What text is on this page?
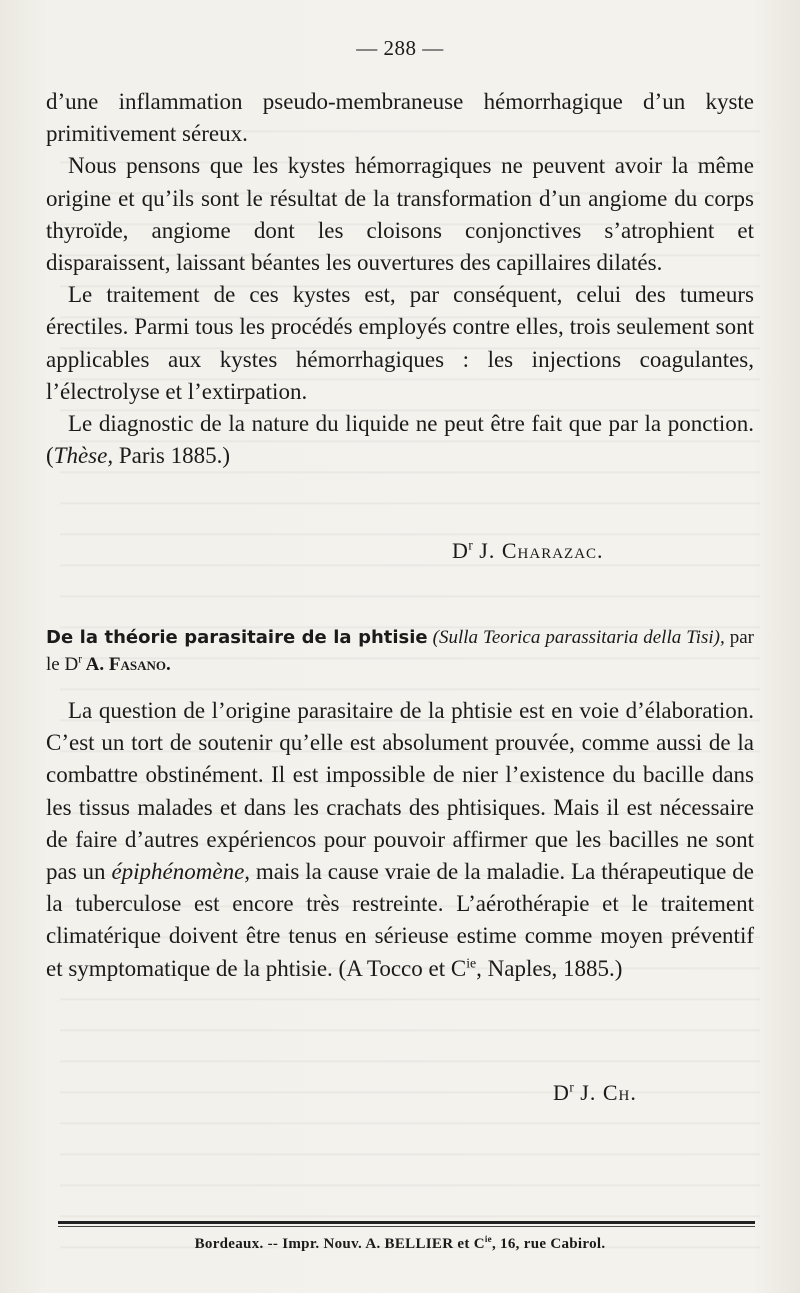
— 288 —

d’une inflammation pseudo-membraneuse hémorrhagique d’un kyste primitivement séreux.

Nous pensons que les kystes hémorragiques ne peuvent avoir la même origine et qu’ils sont le résultat de la transformation d’un angiome du corps thyroïde, angiome dont les cloisons conjonctives s’atrophient et disparaissent, laissant béantes les ouvertures des capillaires dilatés.

Le traitement de ces kystes est, par conséquent, celui des tumeurs érectiles. Parmi tous les procédés employés contre elles, trois seulement sont applicables aux kystes hémorrhagiques : les injections coagulantes, l’électrolyse et l’extirpation.

Le diagnostic de la nature du liquide ne peut être fait que par la ponction. (Thèse, Paris 1885.)

$D^r$ J. Charazac.
De la théorie parasitaire de la phtisie (Sulla Teorica parassitaria della Tisi), par le $D^r$ A. Fasano.

La question de l’origine parasitaire de la phtisie est en voie d’élaboration. C’est un tort de soutenir qu’elle est absolument prouvée, comme aussi de la combattre obstinément. Il est impossible de nier l’existence du bacille dans les tissus malades et dans les crachats des phtisiques. Mais il est nécessaire de faire d’autres expériencos pour pouvoir affirmer que les bacilles ne sont pas un épiphénomène, mais la cause vraie de la maladie. La thérapeutique de la tuberculose est encore très restreinte. L’aérothérapie et le traitement climatérique doivent être tenus en sérieuse estime comme moyen préventif et symptomatique de la phtisie. (A Tocco et $C^{ie}$, Naples, 1885.)

$D^r$ J. Ch.
Bordeaux. -- Impr. Nouv. A. BELLIER et $C^{ie}$, 16, rue Cabirol.
